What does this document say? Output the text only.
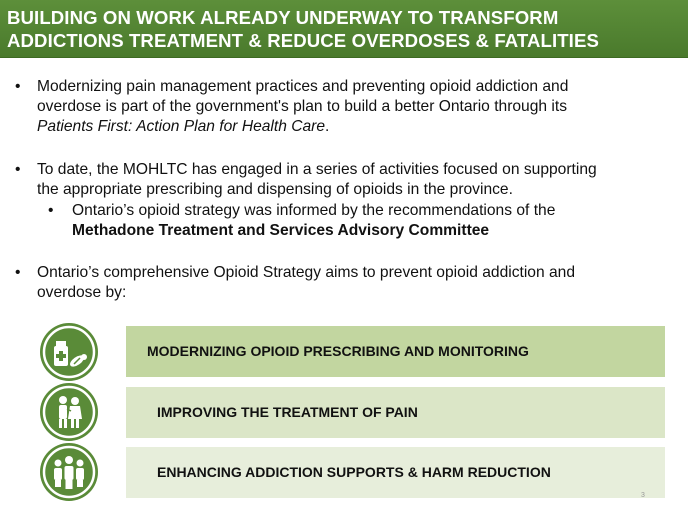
BUILDING ON WORK ALREADY UNDERWAY TO TRANSFORM
ADDICTIONS TREATMENT & REDUCE OVERDOSES & FATALITIES
• Modernizing pain management practices and preventing opioid addiction and
overdose is part of the government's plan to build a better Ontario through its
Patients First: Action Plan for Health Care.
• To date, the MOHLTC has engaged in a series of activities focused on supporting
the appropriate prescribing and dispensing of opioids in the province.
• Ontario’s opioid strategy was informed by the recommendations of the
Methadone Treatment and Services Advisory Committee
• Ontario’s comprehensive Opioid Strategy aims to prevent opioid addiction and
overdose by:
MODERNIZING OPIOID PRESCRIBING AND MONITORING
IMPROVING THE TREATMENT OF PAIN
ENHANCING ADDICTION SUPPORTS & HARM REDUCTION
3
